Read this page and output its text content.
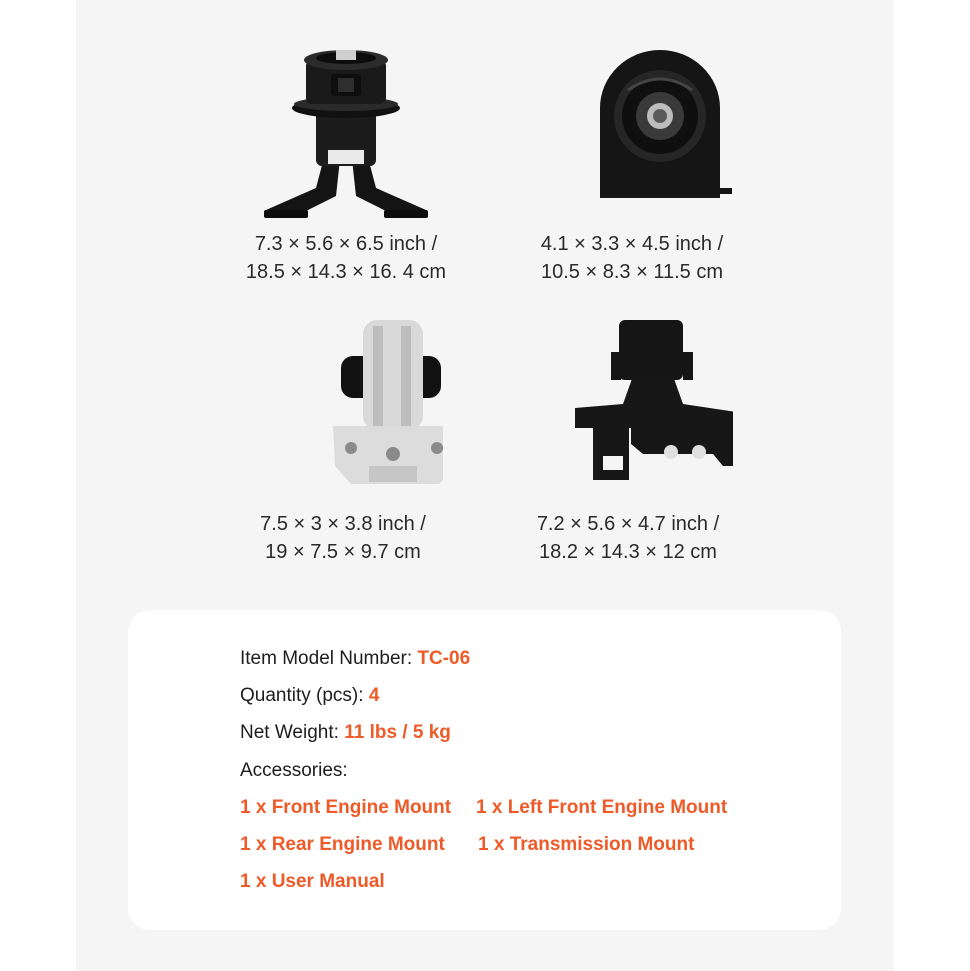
7.3 × 5.6 × 6.5 inch /
18.5 × 14.3 × 16. 4 cm
4.1 × 3.3 × 4.5 inch /
10.5 × 8.3 × 11.5 cm
7.5 × 3 × 3.8 inch /
19 × 7.5 × 9.7 cm
7.2 × 5.6 × 4.7 inch /
18.2 × 14.3 × 12 cm
Item Model Number: TC-06
Quantity (pcs): 4
Net Weight: 11 lbs / 5 kg
Accessories:
1 x Front Engine Mount 1 x Left Front Engine Mount
1 x Rear Engine Mount 1 x Transmission Mount
1 x User Manual
